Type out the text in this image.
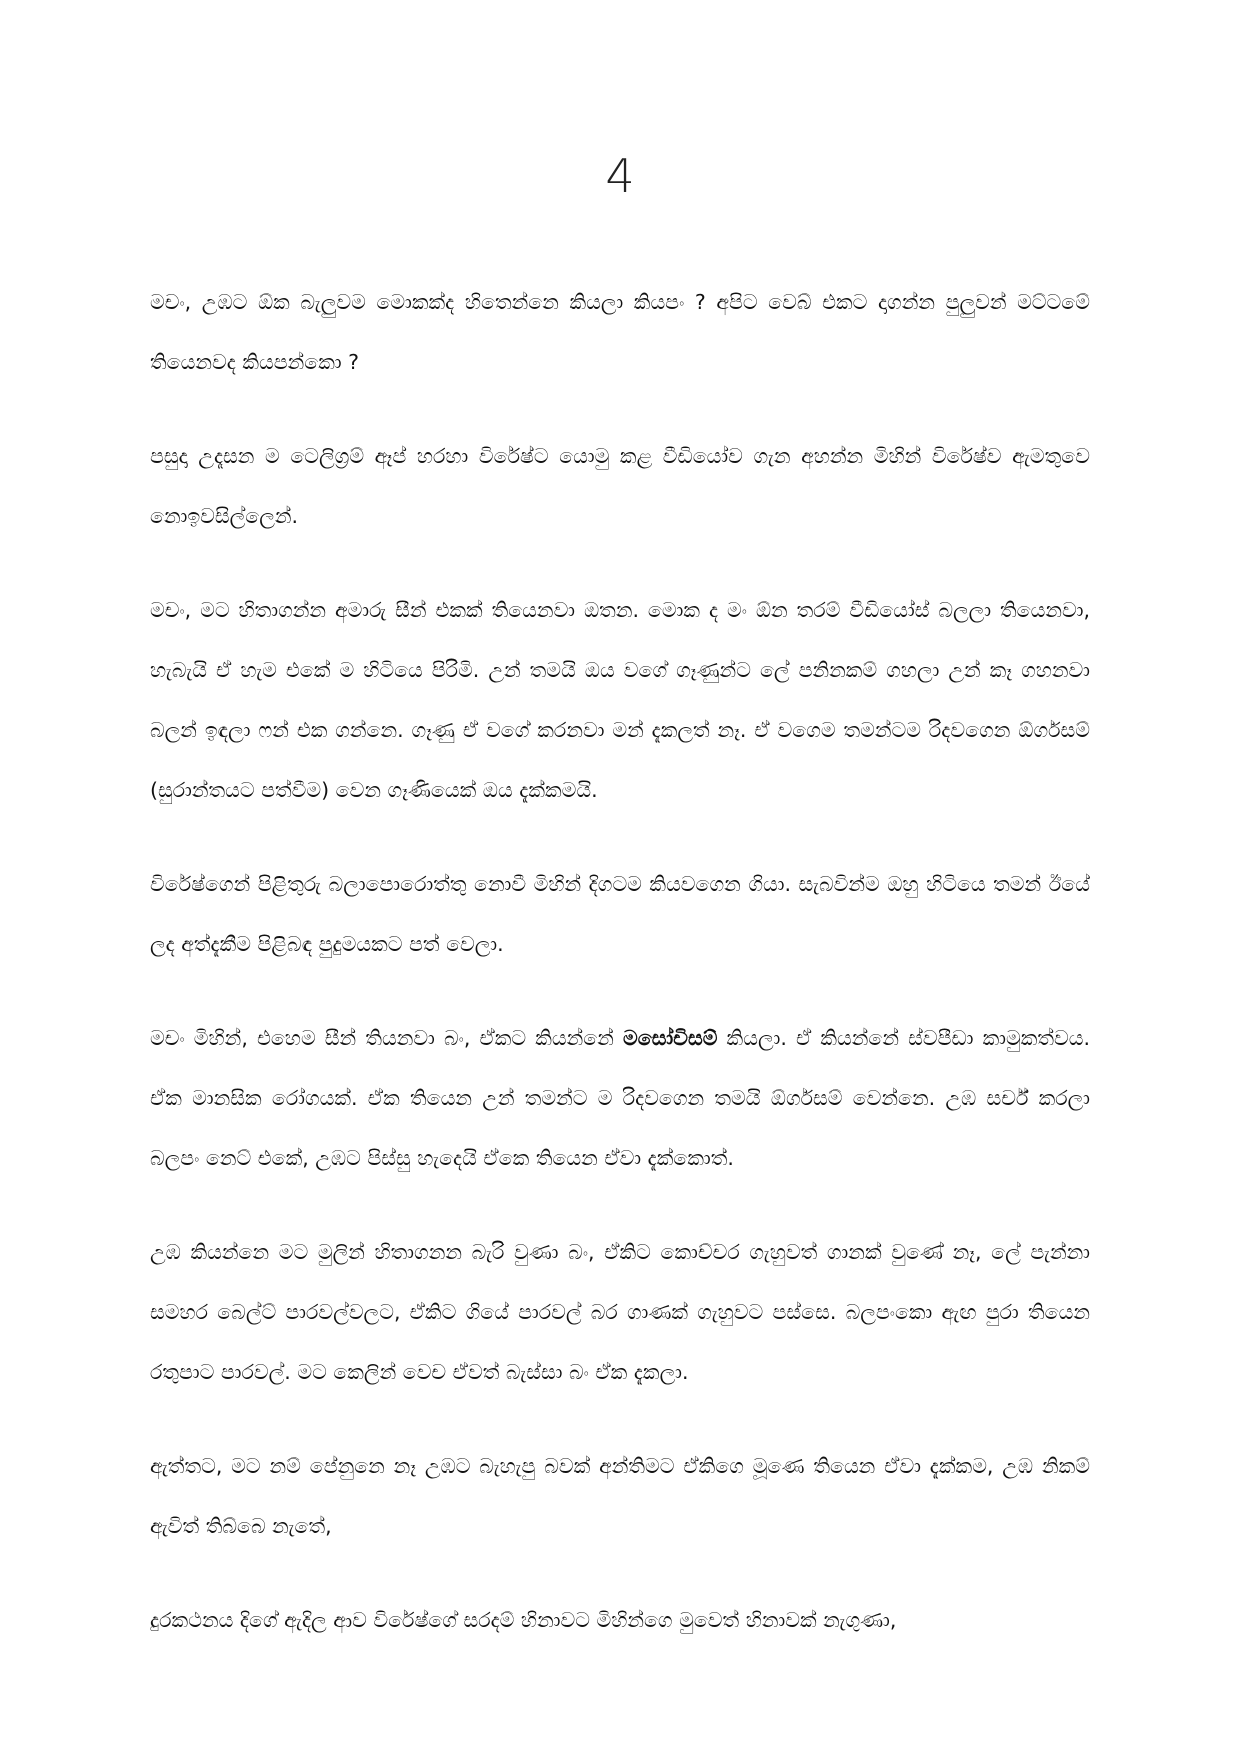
4

මචං, උඹට ඕක බැලුවම මොකක්ද හිතෙන්නෙ කියලා කියපං ? අපිට වෙබ් එකට දාගන්න පුලුවන් මට්ටමේ තියෙනවද කියපන්කො ?

පසුදා උදෑසන ම ටෙලිග්‍රම් ඈප් හරහා විරේෂ්ට යොමු කළ වීඩියෝව ගැන අහන්න මිහින් විරේෂ්ව ඇමතුවෙ නොඉවසිල්ලෙන්.

මචං, මට හිතාගන්න අමාරු සීන් එකක් තියෙනවා ඔතන. මොක ද මං ඕන තරම් වීඩියෝස් බලලා තියෙනවා, හැබැයි ඒ හැම එකේ ම හිටියෙ පිරිමි. උන් තමයි ඔය වගේ ගෑණුන්ට ලේ පනිනකම් ගහලා උන් කෑ ගහනවා බලන් ඉඳලා ෆන් එක ගන්නෙ. ගෑණු ඒ වගේ කරනවා මන් දැකලත් නෑ. ඒ වගෙම තමන්ටම රිදවගෙන ඕර්ගසම් (සුරාන්තයට පත්වීම) වෙන ගෑණියෙක් ඔය දැක්කමයි.

විරේෂ්ගෙන් පිළිතුරු බලාපොරොත්තු නොවී මිහින් දිගටම කියවගෙන ගියා. සැබවින්ම ඔහු හිටියෙ තමන් ඊයේ ලද අත්දැකීම පිළිබඳ පුදුමයකට පත් වෙලා.

මචං මිහින්, එහෙම සීන් තියනවා බං, ඒකට කියන්නේ මසෝචිසම් කියලා. ඒ කියන්නේ ස්වපීඩා කාමුකත්වය. ඒක මානසික රෝගයක්. ඒක තියෙන උන් තමන්ට ම රිදවගෙන තමයි ඕර්ගසම් වෙන්නෙ. උඹ සර්ච් කරලා බලපං නෙට් එකේ, උඹට පිස්සු හැදෙයි ඒකෙ තියෙන ඒවා දැක්කොත්.

උඹ කියන්නෙ මට මුලින් හිතාගනන බැරි වුණා බං, ඒකිට කොච්චර ගැහුවත් ගානක් වුණේ නෑ, ලේ පැන්නා සමහර බෙල්ට් පාරවල්වලට, ඒකිට ගියේ පාරවල් බර ගාණක් ගැහුවට පස්සෙ. බලපංකො ඇඟ පුරා තියෙන රතුපාට පාරවල්. මට කෙලින් වෙච ඒවත් බැස්සා බං ඒක දැකලා.

ඇත්තට, මට නම් පේනුනෙ නෑ උඹට බැහැපු බවක් අන්තිමට ඒකිගෙ මූණෙ තියෙන ඒවා දැක්කම, උඹ නිකම් ඇවිත් තිබ්බෙ නැතේ,

දුරකථනය දිගේ ඇදිල ආව විරේෂ්ගේ සරදම් හිනාවට මිහින්ගෙ මුවෙත් හිනාවක් නැගුණා,
